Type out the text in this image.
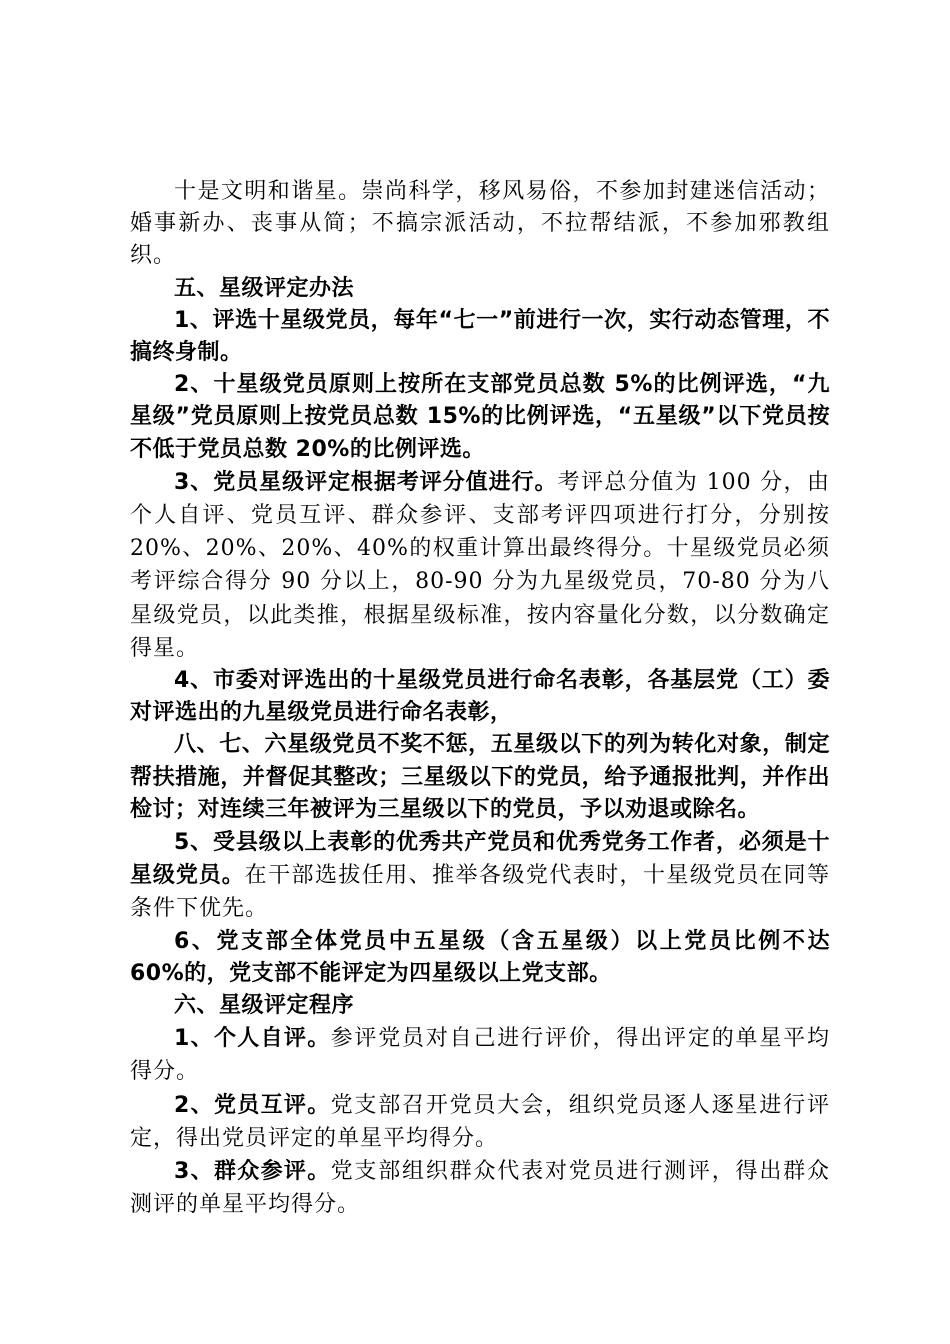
十是文明和谐星。崇尚科学，移风易俗，不参加封建迷信活动；婚事新办、丧事从简；不搞宗派活动，不拉帮结派，不参加邪教组织。

五、星级评定办法

1、评选十星级党员，每年“七一”前进行一次，实行动态管理，不搞终身制。

2、十星级党员原则上按所在支部党员总数 5%的比例评选，“九星级”党员原则上按党员总数 15%的比例评选，“五星级”以下党员按不低于党员总数 20%的比例评选。

3、党员星级评定根据考评分值进行。考评总分值为 100 分，由个人自评、党员互评、群众参评、支部考评四项进行打分，分别按 20%、20%、20%、40%的权重计算出最终得分。十星级党员必须考评综合得分 90 分以上，80-90 分为九星级党员，70-80 分为八星级党员，以此类推，根据星级标准，按内容量化分数，以分数确定得星。

4、市委对评选出的十星级党员进行命名表彰，各基层党（工）委对评选出的九星级党员进行命名表彰，

八、七、六星级党员不奖不惩，五星级以下的列为转化对象，制定帮扶措施，并督促其整改；三星级以下的党员，给予通报批判，并作出检讨；对连续三年被评为三星级以下的党员，予以劝退或除名。

5、受县级以上表彰的优秀共产党员和优秀党务工作者，必须是十星级党员。在干部选拔任用、推举各级党代表时，十星级党员在同等条件下优先。

6、党支部全体党员中五星级（含五星级）以上党员比例不达 60%的，党支部不能评定为四星级以上党支部。

六、星级评定程序

1、个人自评。参评党员对自己进行评价，得出评定的单星平均得分。

2、党员互评。党支部召开党员大会，组织党员逐人逐星进行评定，得出党员评定的单星平均得分。

3、群众参评。党支部组织群众代表对党员进行测评，得出群众测评的单星平均得分。
